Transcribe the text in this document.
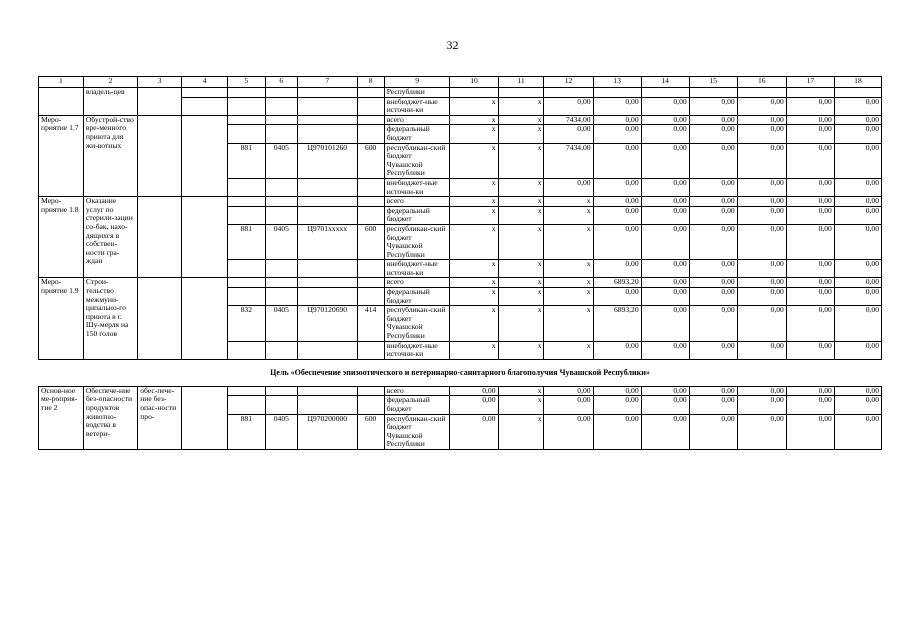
32
1	2	3	4	5	6	7	8	9	10	11	12	13	14	15	16	17	18
	владель-цев							Республики									
								внебюджет-ные источни-ки	x	x	0,00	0,00	0,00	0,00	0,00	0,00	0,00
Меро-приятие 1.7	Обустрой-ство вре-менного приюта для жи-вотных							всего	x	x	7434,00	0,00	0,00	0,00	0,00	0,00	0,00
								федеральный бюджет	x	x	0,00	0,00	0,00	0,00	0,00	0,00	0,00
				881	0405	Ц970101260	600	республикан-ский бюджет Чувашской Республики	x	x	7434,00	0,00	0,00	0,00	0,00	0,00	0,00
								внебюджет-ные источни-ки	x	x	0,00	0,00	0,00	0,00	0,00	0,00	0,00
Меро-приятие 1.8	Оказание услуг по стерили-зации со-бак, нахо-дящихся в собствен-ности гра-ждан							всего	x	x	x	0,00	0,00	0,00	0,00	0,00	0,00
								федеральный бюджет	x	x	x	0,00	0,00	0,00	0,00	0,00	0,00
				881	0405	Ц9701xxxxx	600	республикан-ский бюджет Чувашской Республики	x	x	x	0,00	0,00	0,00	0,00	0,00	0,00
								внебюджет-ные источни-ки	x	x	x	0,00	0,00	0,00	0,00	0,00	0,00
Меро-приятие 1.9	Строи-тельство межмуни-ципально-го приюта в г. Шу-мерля на 150 голов							всего	x	x	x	6893,20	0,00	0,00	0,00	0,00	0,00
								федеральный бюджет	x	x	x	0,00	0,00	0,00	0,00	0,00	0,00
				832	0405	Ц970120690	414	республикан-ский бюджет Чувашской Республики	x	x	x	6893,20	0,00	0,00	0,00	0,00	0,00
								внебюджет-ные источни-ки	x	x	x	0,00	0,00	0,00	0,00	0,00	0,00
Цель «Обеспечение эпизоотического и ветеринарно-санитарного благополучия Чувашской Республики»																	
Основ-ное ме-роприя-тие 2	Обеспече-ние без-опасности продуктов животно-водства в ветери-	обес-пече-ние без-опас-ности про-						всего	0,00	x	0,00	0,00	0,00	0,00	0,00	0,00	0,00
								федеральный бюджет	0,00	x	0,00	0,00	0,00	0,00	0,00	0,00	0,00
				881	0405	Ц970200000	600	республикан-ский бюджет Чувашской Республики	0,00	x	0,00	0,00	0,00	0,00	0,00	0,00	0,00
